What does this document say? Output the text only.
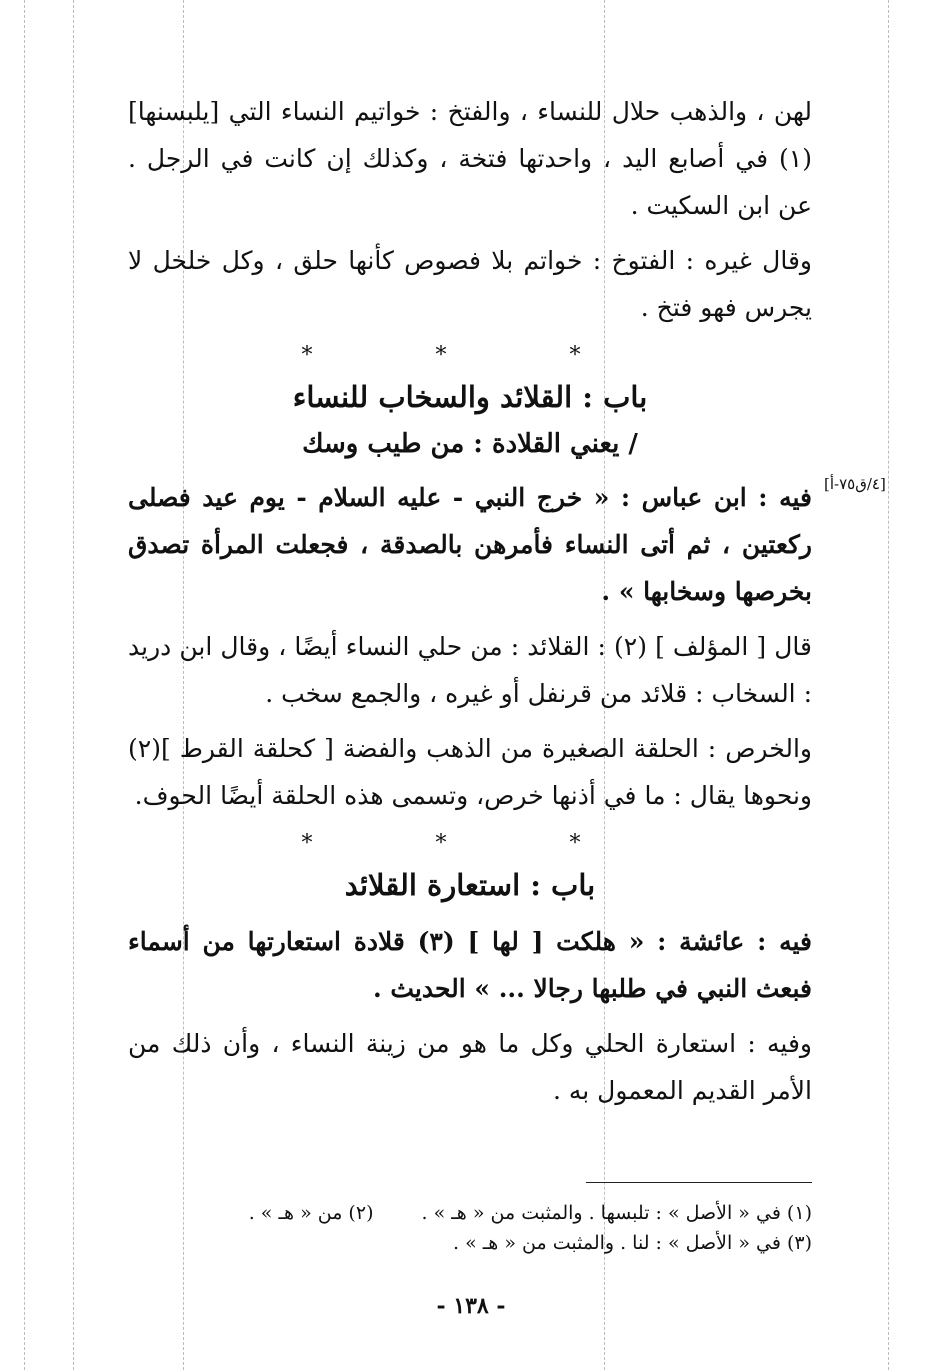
لهن ، والذهب حلال للنساء ، والفتخ : خواتيم النساء التي [يلبسنها](١) في أصابع اليد ، واحدتها فتخة ، وكذلك إن كانت في الرجل . عن ابن السكيت .

وقال غيره : الفتوخ : خواتم بلا فصوص كأنها حلق ، وكل خلخل لا يجرس فهو فتخ .

* * *
باب : القلائد والسخاب للنساء
/ يعني القلادة : من طيب وسك

فيه : ابن عباس : « خرج النبي - عليه السلام - يوم عيد فصلى ركعتين ، ثم أتى النساء فأمرهن بالصدقة ، فجعلت المرأة تصدق بخرصها وسخابها » .

قال [ المؤلف ] (٢) : القلائد : من حلي النساء أيضًا ، وقال ابن دريد : السخاب : قلائد من قرنفل أو غيره ، والجمع سخب .

والخرص : الحلقة الصغيرة من الذهب والفضة [ كحلقة القرط ](٢) ونحوها يقال : ما في أذنها خرص، وتسمى هذه الحلقة أيضًا الحوف.

* * *
باب : استعارة القلائد

فيه : عائشة : « هلكت [ لها ] (٣) قلادة استعارتها من أسماء فبعث النبي في طلبها رجالا ... » الحديث .

وفيه : استعارة الحلي وكل ما هو من زينة النساء ، وأن ذلك من الأمر القديم المعمول به .

[٤/ق٧٥-أ]
(١) في « الأصل » : تلبسها . والمثبت من « هـ » .
(٢) من « هـ » .
(٣) في « الأصل » : لنا . والمثبت من « هـ » .
- ١٣٨ -
